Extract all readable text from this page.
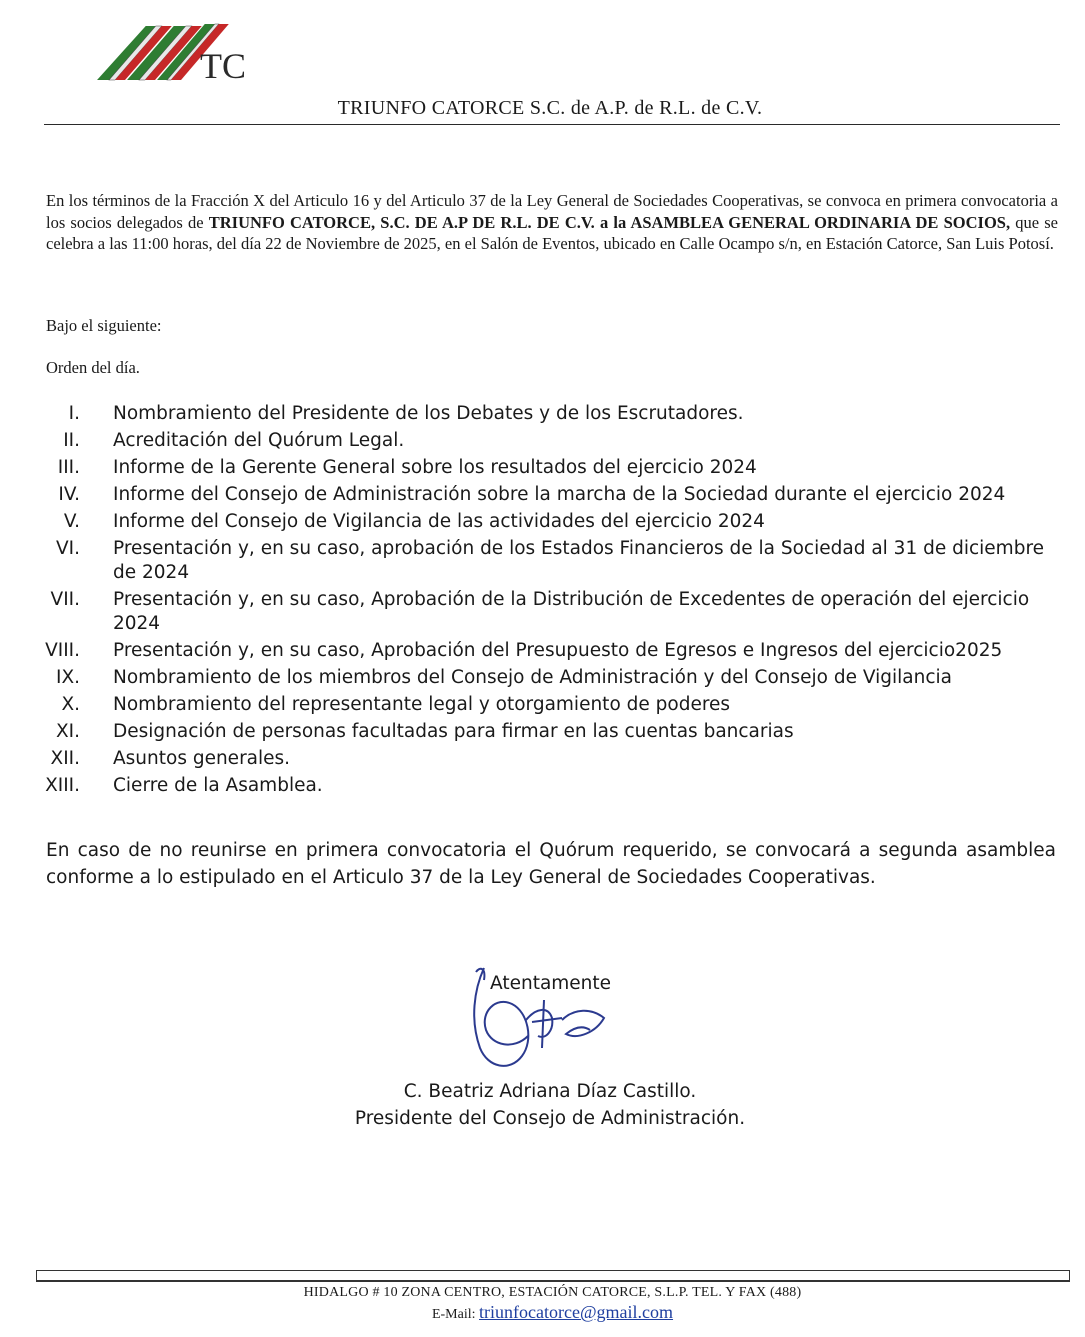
TC
TRIUNFO CATORCE S.C. de A.P. de R.L. de C.V.
En los términos de la Fracción X del Articulo 16 y del Articulo 37 de la Ley General de Sociedades Cooperativas, se convoca en primera convocatoria a los socios delegados de TRIUNFO CATORCE, S.C. DE A.P DE R.L. DE C.V. a la ASAMBLEA GENERAL ORDINARIA DE SOCIOS, que se celebra a las 11:00 horas, del día 22 de Noviembre de 2025, en el Salón de Eventos, ubicado en Calle Ocampo s/n, en Estación Catorce, San Luis Potosí.
Bajo el siguiente:
Orden del día.
I.	Nombramiento del Presidente de los Debates y de los Escrutadores.
II.	Acreditación del Quórum Legal.
III.	Informe de la Gerente General sobre los resultados del ejercicio 2024
IV.	Informe del Consejo de Administración sobre la marcha de la Sociedad durante el ejercicio 2024
V.	Informe del Consejo de Vigilancia de las actividades del ejercicio 2024
VI.	Presentación y, en su caso, aprobación de los Estados Financieros de la Sociedad al 31 de diciembre de 2024
VII.	Presentación y, en su caso, Aprobación de la Distribución de Excedentes de operación del ejercicio 2024
VIII.	Presentación y, en su caso, Aprobación del Presupuesto de Egresos e Ingresos del ejercicio2025
IX.	Nombramiento de los miembros del Consejo de Administración y del Consejo de Vigilancia
X.	Nombramiento del representante legal y otorgamiento de poderes
XI.	Designación de personas facultadas para firmar en las cuentas bancarias
XII.	Asuntos generales.
XIII.	Cierre de la Asamblea.
En caso de no reunirse en primera convocatoria el Quórum requerido, se convocará a segunda asamblea conforme a lo estipulado en el Articulo 37 de la Ley General de Sociedades Cooperativas.
Atentamente
C. Beatriz Adriana Díaz Castillo.
Presidente del Consejo de Administración.
HIDALGO # 10 ZONA CENTRO, ESTACIÓN CATORCE, S.L.P. TEL. Y FAX (488)
E-Mail: triunfocatorce@gmail.com
